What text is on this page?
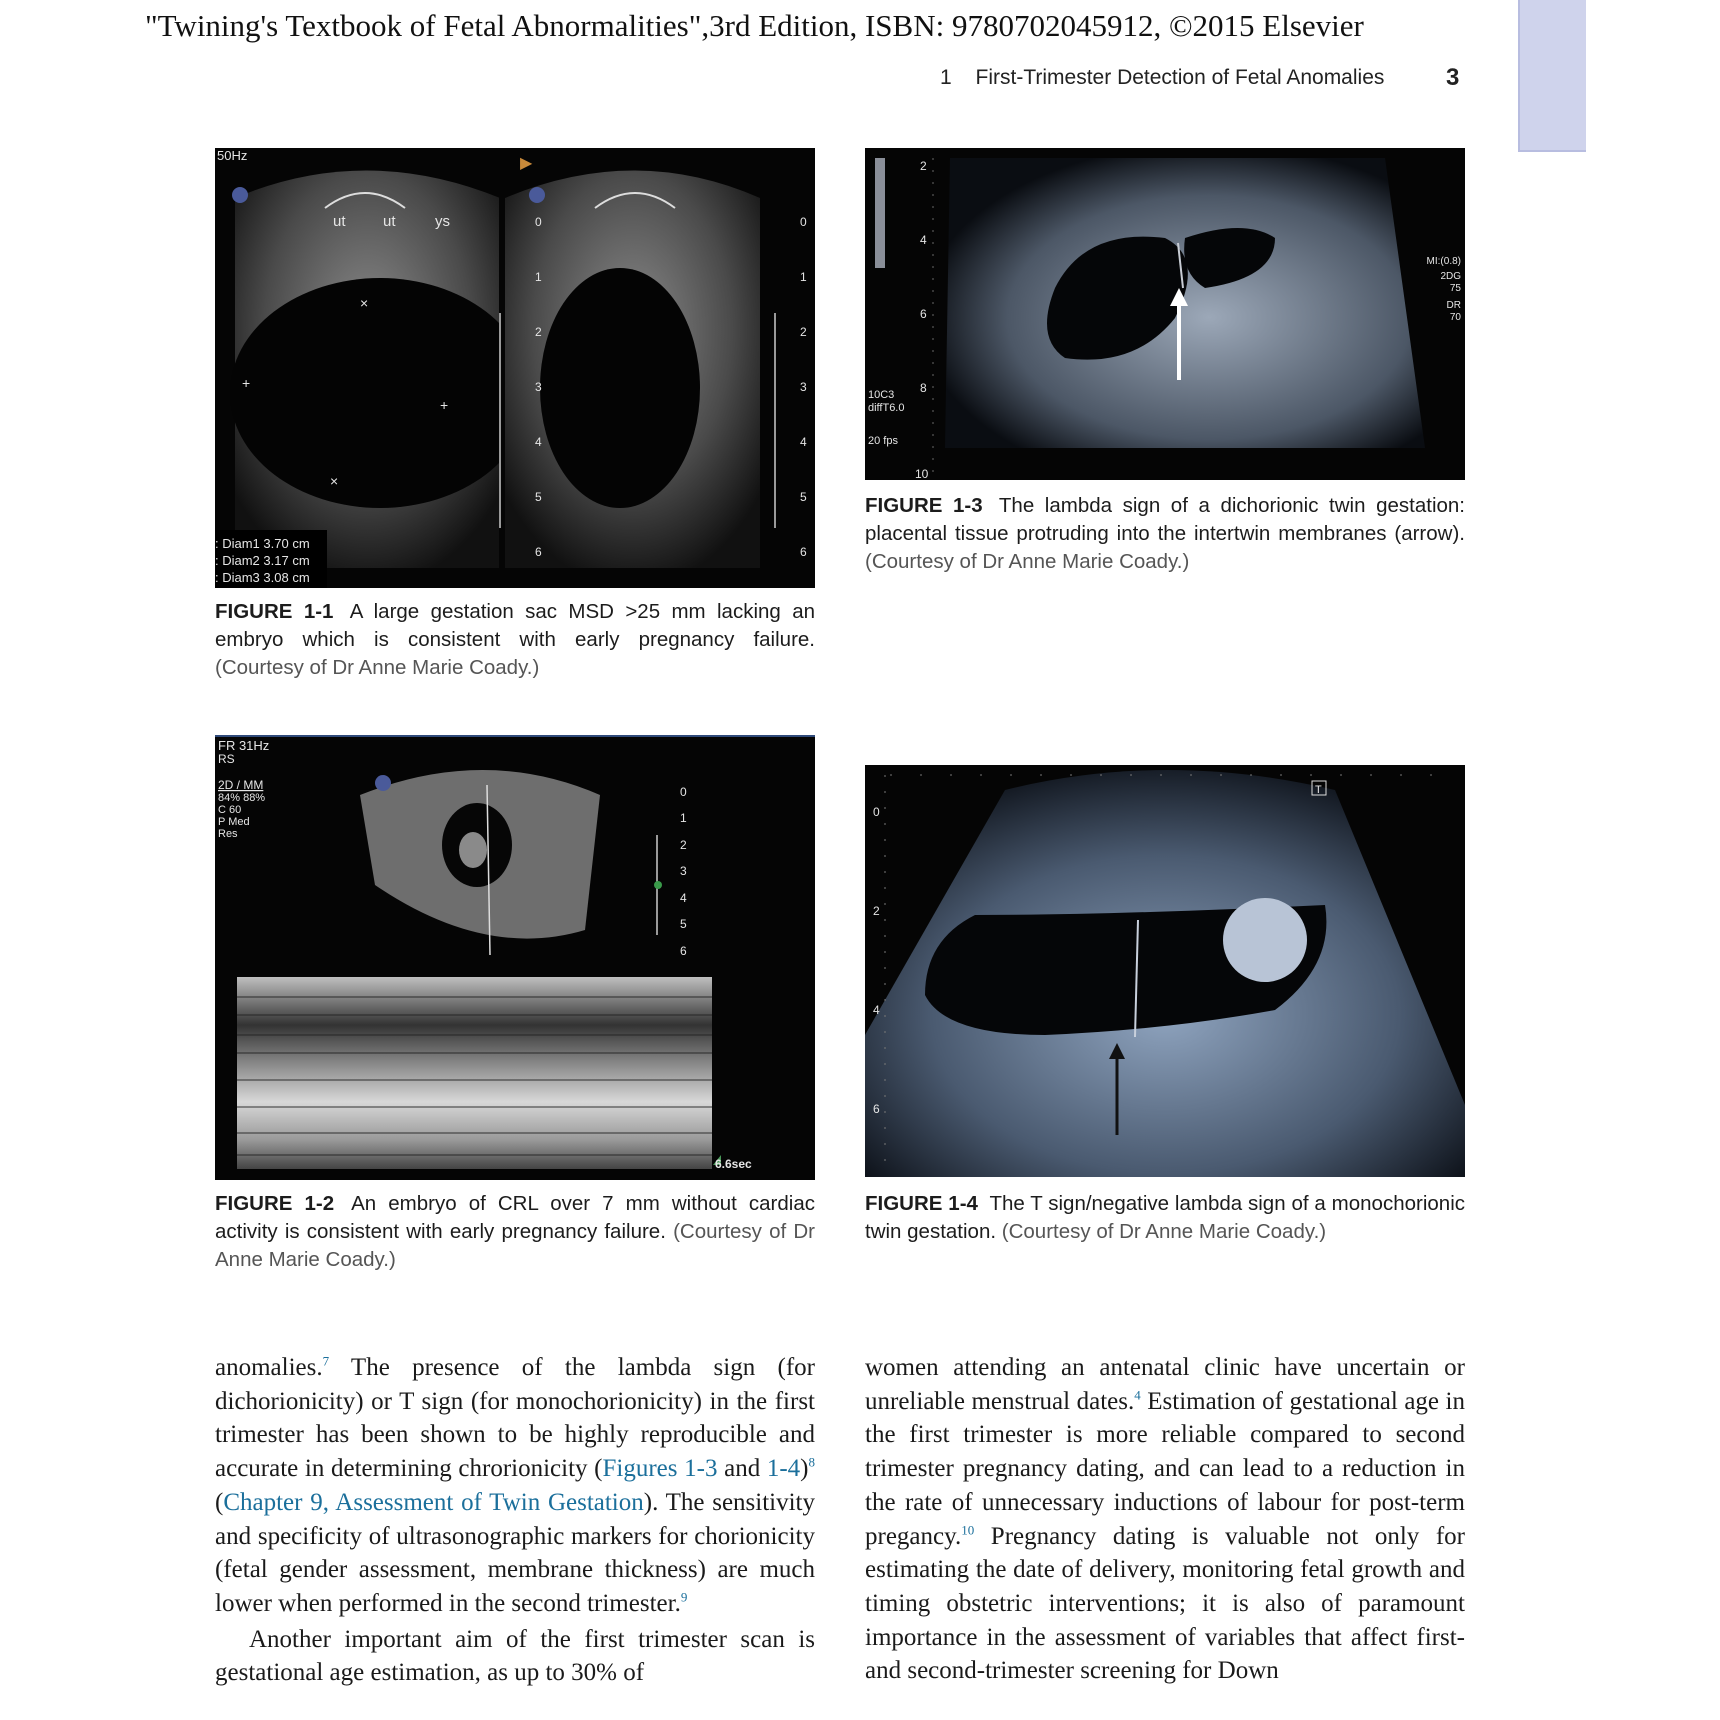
"Twining's Textbook of Fetal Abnormalities",3rd Edition, ISBN: 9780702045912, ©2015 Elsevier
1 First-Trimester Detection of Fetal Anomalies	3
×
×
+
+
▶
50Hz
ut ut	ys	0
1
2
3
4
5
6
0
1
2
3
4
5
6
: Diam1 3.70 cm
: Diam2 3.17 cm
: Diam3 3.08 cm
FIGURE 1-1 A large gestation sac MSD >25 mm lacking an embryo which is consistent with early pregnancy failure. (Courtesy of Dr Anne Marie Coady.)
2
4
6
8
10
10C3
diffT6.0
20 fps
MI:(0.8)
2DG
75
DR
70
FIGURE 1-3 The lambda sign of a dichorionic twin gestation: placental tissue protruding into the intertwin membranes (arrow). (Courtesy of Dr Anne Marie Coady.)
0
1
2
3
4
5
6
FR 31Hz
RS
2D / MM
84% 88%
C 60
P Med
Res
6.6sec
FIGURE 1-2 An embryo of CRL over 7 mm without cardiac activity is consistent with early pregnancy failure. (Courtesy of Dr Anne Marie Coady.)
T
0
2
4
6
FIGURE 1-4 The T sign/negative lambda sign of a monochorionic twin gestation. (Courtesy of Dr Anne Marie Coady.)

anomalies.$^7$ The presence of the lambda sign (for dichorionicity) or T sign (for monochorionicity) in the first trimester has been shown to be highly reproducible and accurate in determining chrorionicity (Figures 1-3 and 1-4)$^8$ (Chapter 9, Assessment of Twin Gestation). The sensitivity and specificity of ultrasonographic markers for chorionicity (fetal gender assessment, membrane thickness) are much lower when performed in the second trimester.$^9$

Another important aim of the first trimester scan is gestational age estimation, as up to 30% of

women attending an antenatal clinic have uncertain or unreliable menstrual dates.$^4$ Estimation of gestational age in the first trimester is more reliable compared to second trimester pregnancy dating, and can lead to a reduction in the rate of unnecessary inductions of labour for post-term pregancy.$^{10}$ Pregnancy dating is valuable not only for estimating the date of delivery, monitoring fetal growth and timing obstetric interventions; it is also of paramount importance in the assessment of variables that affect first- and second-trimester screening for Down
